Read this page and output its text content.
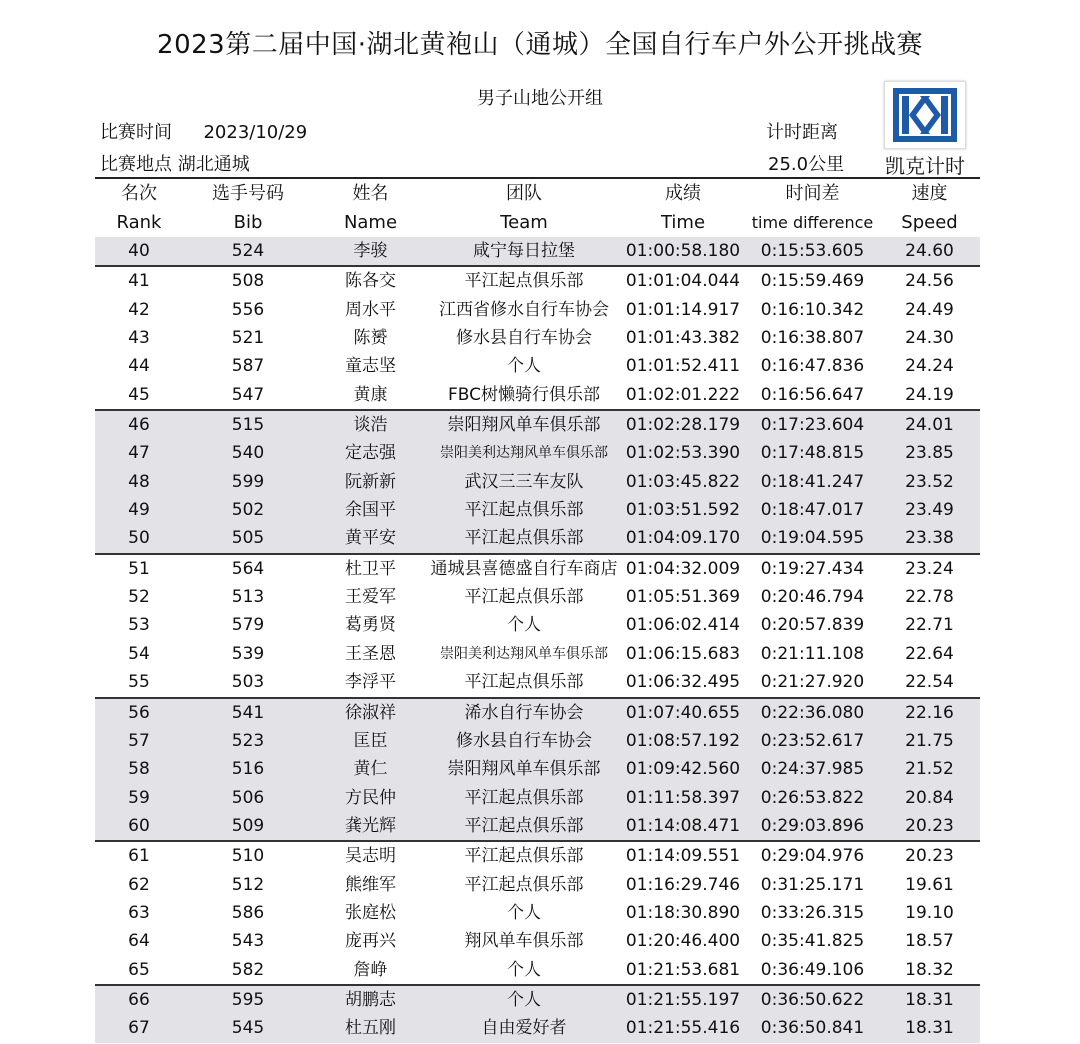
2023第二届中国·湖北黄袍山（通城）全国自行车户外公开挑战赛
男子山地公开组
比赛时间 2023/10/29
比赛地点 湖北通城
计时距离
25.0公里	凯克计时
名次	选手号码	姓名	团队	成绩	时间差	速度
Rank	Bib	Name	Team	Time	time difference	Speed
40	524	李骏	咸宁每日拉堡	01:00:58.180	0:15:53.605	24.60
41	508	陈各交	平江起点俱乐部	01:01:04.044	0:15:59.469	24.56
42	556	周水平	江西省修水自行车协会 01:01:14.917	0:16:10.342	24.49
43	521	陈赟	修水县自行车协会	01:01:43.382	0:16:38.807	24.30
44	587	童志坚	个人	01:01:52.411	0:16:47.836	24.24
45	547	黄康	FBC树懒骑行俱乐部	01:02:01.222	0:16:56.647	24.19
46	515	谈浩	崇阳翔风单车俱乐部	01:02:28.179	0:17:23.604	24.01
47	540	定志强	崇阳美利达翔风单车俱乐部	01:02:53.390	0:17:48.815	23.85
48	599	阮新新	武汉三三车友队	01:03:45.822	0:18:41.247	23.52
49	502	余国平	平江起点俱乐部	01:03:51.592	0:18:47.017	23.49
50	505	黄平安	平江起点俱乐部	01:04:09.170	0:19:04.595	23.38
51	564	杜卫平	通城县喜德盛自行车商店 01:04:32.009	0:19:27.434	23.24
52	513	王爱军	平江起点俱乐部	01:05:51.369	0:20:46.794	22.78
53	579	葛勇贤	个人	01:06:02.414	0:20:57.839	22.71
54	539	王圣恩	崇阳美利达翔风单车俱乐部	01:06:15.683	0:21:11.108	22.64
55	503	李浮平	平江起点俱乐部	01:06:32.495	0:21:27.920	22.54
56	541	徐淑祥	浠水自行车协会	01:07:40.655	0:22:36.080	22.16
57	523	匡臣	修水县自行车协会	01:08:57.192	0:23:52.617	21.75
58	516	黄仁	崇阳翔风单车俱乐部	01:09:42.560	0:24:37.985	21.52
59	506	方民仲	平江起点俱乐部	01:11:58.397	0:26:53.822	20.84
60	509	龚光辉	平江起点俱乐部	01:14:08.471	0:29:03.896	20.23
61	510	吴志明	平江起点俱乐部	01:14:09.551	0:29:04.976	20.23
62	512	熊维军	平江起点俱乐部	01:16:29.746	0:31:25.171	19.61
63	586	张庭松	个人	01:18:30.890	0:33:26.315	19.10
64	543	庞再兴	翔风单车俱乐部	01:20:46.400	0:35:41.825	18.57
65	582	詹峥	个人	01:21:53.681	0:36:49.106	18.32
66	595	胡鹏志	个人	01:21:55.197	0:36:50.622	18.31
67	545	杜五刚	自由爱好者	01:21:55.416	0:36:50.841	18.31
